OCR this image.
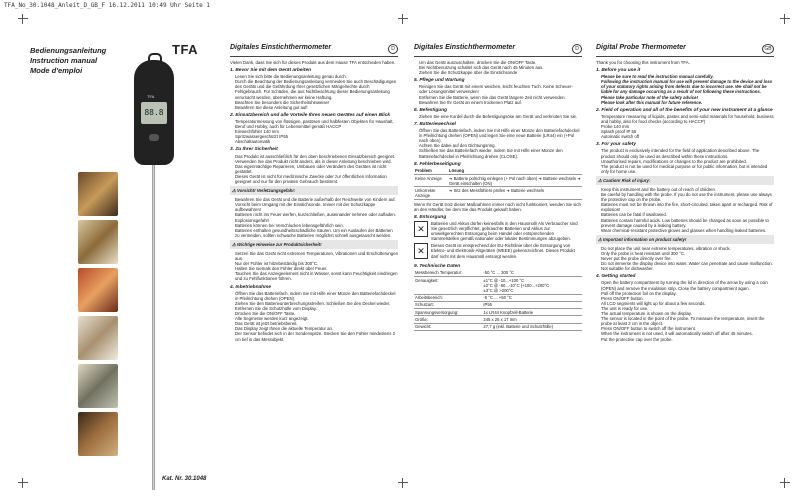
TFA_No_30.1048_Anleit_D_GB_F 16.12.2011 10:49 Uhr Seite 1
Bedienungsanleitung
Instruction manual
Mode d'emploi
TFA
TFA
88.8
Kat. Nr. 30.1048
Digitales Einstichthermometer	D

Vielen Dank, dass Sie sich für dieses Produkt aus dem Hause TFA entschieden haben.

1. Bevor Sie mit dem Gerät arbeiten
• Lesen Sie sich bitte die Bedienungsanleitung genau durch.
• Durch die Beachtung der Bedienungsanleitung vermeiden Sie auch Beschädigungen des Geräts und die Gefährdung Ihrer gesetzlichen Mängelrechte durch Fehlgebrauch. Für Schäden, die aus Nichtbeachtung dieser Bedienungsanleitung verursacht werden, übernehmen wir keine Haftung.
• Beachten Sie besonders die Sicherheitshinweise!
• Bewahren Sie diese Anleitung gut auf!
2. Einsatzbereich und alle Vorteile Ihres neuen Gerätes auf einen Blick
• Temperaturmessung von flüssigen, pastösen und halbfesten Objekten für Haushalt, Beruf und Hobby, auch für Lebensmittel gemäß HACCP
• Einstechfühler 140 mm
• Spritzwassergeschützt IP55
• Abschaltautomatik
3. Zu Ihrer Sicherheit
• Das Produkt ist ausschließlich für den oben beschriebenen Einsatzbereich geeignet. Verwenden Sie das Produkt nicht anders, als in dieser Anleitung beschrieben wird.
• Das eigenmächtige Reparieren, Umbauen oder Verändern des Gerätes ist nicht gestattet.
• Dieses Gerät ist nicht für medizinische Zwecke oder zur öffentlichen Information geeignet und nur für den privaten Gebrauch bestimmt.
⚠ Vorsicht! Verletzungsgefahr:
• Bewahren Sie das Gerät und die Batterie außerhalb der Reichweite von Kindern auf.
• Vorsicht beim Umgang mit der Einstichsonde. Immer mit der Schutzkappe aufbewahren!
• Batterien nicht ins Feuer werfen, kurzschließen, auseinander nehmen oder aufladen. Explosionsgefahr!
• Batterien können bei Verschlucken lebensgefährlich sein.
• Batterien enthalten gesundheitsschädliche Säuren. Um ein Auslaufen der Batterien zu vermeiden, sollten schwache Batterien möglichst schnell ausgetauscht werden.
⚠ Wichtige Hinweise zur Produktsicherheit!
• Setzen Sie das Gerät nicht extremen Temperaturen, Vibrationen und Erschütterungen aus.
• Nur der Fühler ist hitzebeständig bis 300°C.
• Halten Sie niemals den Fühler direkt über Feuer.
• Tauchen Sie das Anzeigeelement nicht in Wasser, sonst kann Feuchtigkeit eindringen und zu Fehlfunktionen führen.
4. Inbetriebnahme
• Öffnen Sie das Batteriefach, indem Sie mit Hilfe einer Münze den Batteriefachdeckel in Pfeilrichtung drehen (OPEN).
• Ziehen Sie den Batterieunterbrechungsstreifen. Schließen Sie den Deckel wieder.
• Entfernen Sie die Schutzhülle vom Display.
• Drücken Sie die ON/OFF Taste.
• Alle Segmente werden kurz angezeigt.
• Das Gerät ist jetzt betriebsbereit.
• Das Display zeigt Ihnen die aktuelle Temperatur an.
• Der Sensor befindet sich in der Sondenspitze. Stecken Sie den Fühler mindestens 2 cm tief in das Messobjekt.
Digitales Einstichthermometer	D
• Um das Gerät auszuschalten, drücken Sie die ON/OFF Taste.
• Bei Nichtbenutzung schaltet sich das Gerät nach 45 Minuten aus.
• Ziehen Sie die Schutzkappe über die Einstichsonde
5. Pflege und Wartung
• Reinigen Sie das Gerät mit einem weichen, leicht feuchten Tuch. Keine Scheuer- oder Lösungsmittel verwenden!
• Entfernen Sie die Batterie, wenn Sie das Gerät längere Zeit nicht verwenden.
• Bewahren Sie Ihr Gerät an einem trockenen Platz auf.
6. Befestigung
• Ziehen Sie eine Kordel durch die Befestigungsöse am Gerät und verknoten Sie sie.
7. Batteriewechsel
• Öffnen Sie das Batteriefach, indem Sie mit Hilfe einer Münze den Batteriefachdeckel in Pfeilrichtung drehen (OPEN) und legen Sie eine neue Batterie (LR44) ein (+Pol nach oben).
• Achten Sie dabei auf den Dichtungsring.
• Schließen Sie das Batteriefach wieder, indem Sie mit Hilfe einer Münze den Batteriefachdeckel in Pfeilrichtung drehen (CLOSE).
8. Fehlerbeseitigung
Problem	Lösung
Keine Anzeige	➜ Batterie polrichtig einlegen (+ Pol nach oben) ➜ Batterie wechseln ➜ Gerät einschalten (ON)
Unkorrekte Anzeige	➜ Sitz des Messfühlers prüfen ➜ Batterie wechseln

Wenn Ihr Gerät trotz dieser Maßnahmen immer noch nicht funktioniert, wenden Sie sich an den Händler, bei dem Sie das Produkt gekauft haben.

8. Entsorgung
✕

Batterien und Akkus dürfen keinesfalls in den Hausmüll! Als Verbraucher sind Sie gesetzlich verpflichtet, gebrauchte Batterien und Akkus zur umweltgerechten Entsorgung beim Handel oder entsprechenden Sammelstellen gemäß nationaler oder lokaler Bestimmungen abzugeben.

✕

Dieses Gerät ist entsprechend der EU-Richtlinie über die Entsorgung von Elektro- und Elektronik-Altgeräten (WEEE) gekennzeichnet. Dieses Produkt darf nicht mit dem Hausmüll entsorgt werden.

9. Technische Daten
Messbereich Temperatur:	-50 °C ... 300 °C
Genauigkeit:	±1°C @ -10...+100 °C
±2°C @ -50...-10°C (+100...+200°C
±3°C @ >200°C
Arbeitsbereich:	-5 °C ... +50 °C
Schutzart:	IP55
Spannungsversorgung:	1x LR44 Knopfzell-Batterie
Größe:	245 x 25 x 17 mm
Gewicht:	27,7 g (inkl. Batterie und Schutzhülle)
Digital Probe Thermometer	GB

Thank you for choosing this instrument from TFA.

1. Before you use it
• Please be sure to read the instruction manual carefully.
• Following the instruction manual for use will prevent damage to the device and loss of your statutory rights arising from defects due to incorrect use. We shall not be liable for any damage occurring as a result of not following these instructions.
• Please take particular note of the safety advice!
• Please look after this manual for future reference.
2. Field of operation and all of the benefits of your new instrument at a glance
• Temperature measuring of liquids, pastes and semi-solid materials for household, business and hobby, also for food checks (according to HACCP)
• Probe 140 mm
• Splash proof IP 55
• Automatic switch off
3. For your safety
• The product is exclusively intended for the field of application described above. The product should only be used as described within these instructions.
• Unauthorised repairs, modifications or changes to the product are prohibited.
• The product is not be used for medical purpose or for public information, but is intended only for home use.
⚠ Caution! Risk of injury:
• Keep this instrument and the battery out of reach of children.
• Be careful by handling with the probe. If you do not use the instrument, please use always the protective cap on the probe.
• Batteries must not be thrown into the fire, short-circuited, taken apart or recharged. Risk of explosion!
• Batteries can be fatal if swallowed.
• Batteries contain harmful acids. Low batteries should be changed as soon as possible to prevent damage caused by a leaking battery.
• Wear chemical-resistant protective gloves and glasses when handling leaked batteries.
⚠ Important information on product safety!
• Do not place the unit near extreme temperatures, vibration or shock.
• Only the probe is heat resistant until 300 °C.
• Never put the probe directly over fire.
• Do not immerse the display device into water. Water can penetrate and cause malfunction. Not suitable for dishwasher.
4. Getting started
• Open the battery compartment by turning the lid in direction of the arrow by using a coin (OPEN) and remove the insulation strip. Close the battery compartment again.
• Pull off the protection foil on the display.
• Press ON/OFF button.
• All LCD segments will light up for about a few seconds.
• The unit is ready for use.
• The actual temperature is shown on the display.
• The sensor is located in the point of the probe. To measure the temperature, insert the probe at least 2 cm in the object.
• Press ON/OFF button to switch off the instrument.
• When the instrument is not used, it will automatically switch off after 45 minutes.
• Put the protective cap over the probe.
